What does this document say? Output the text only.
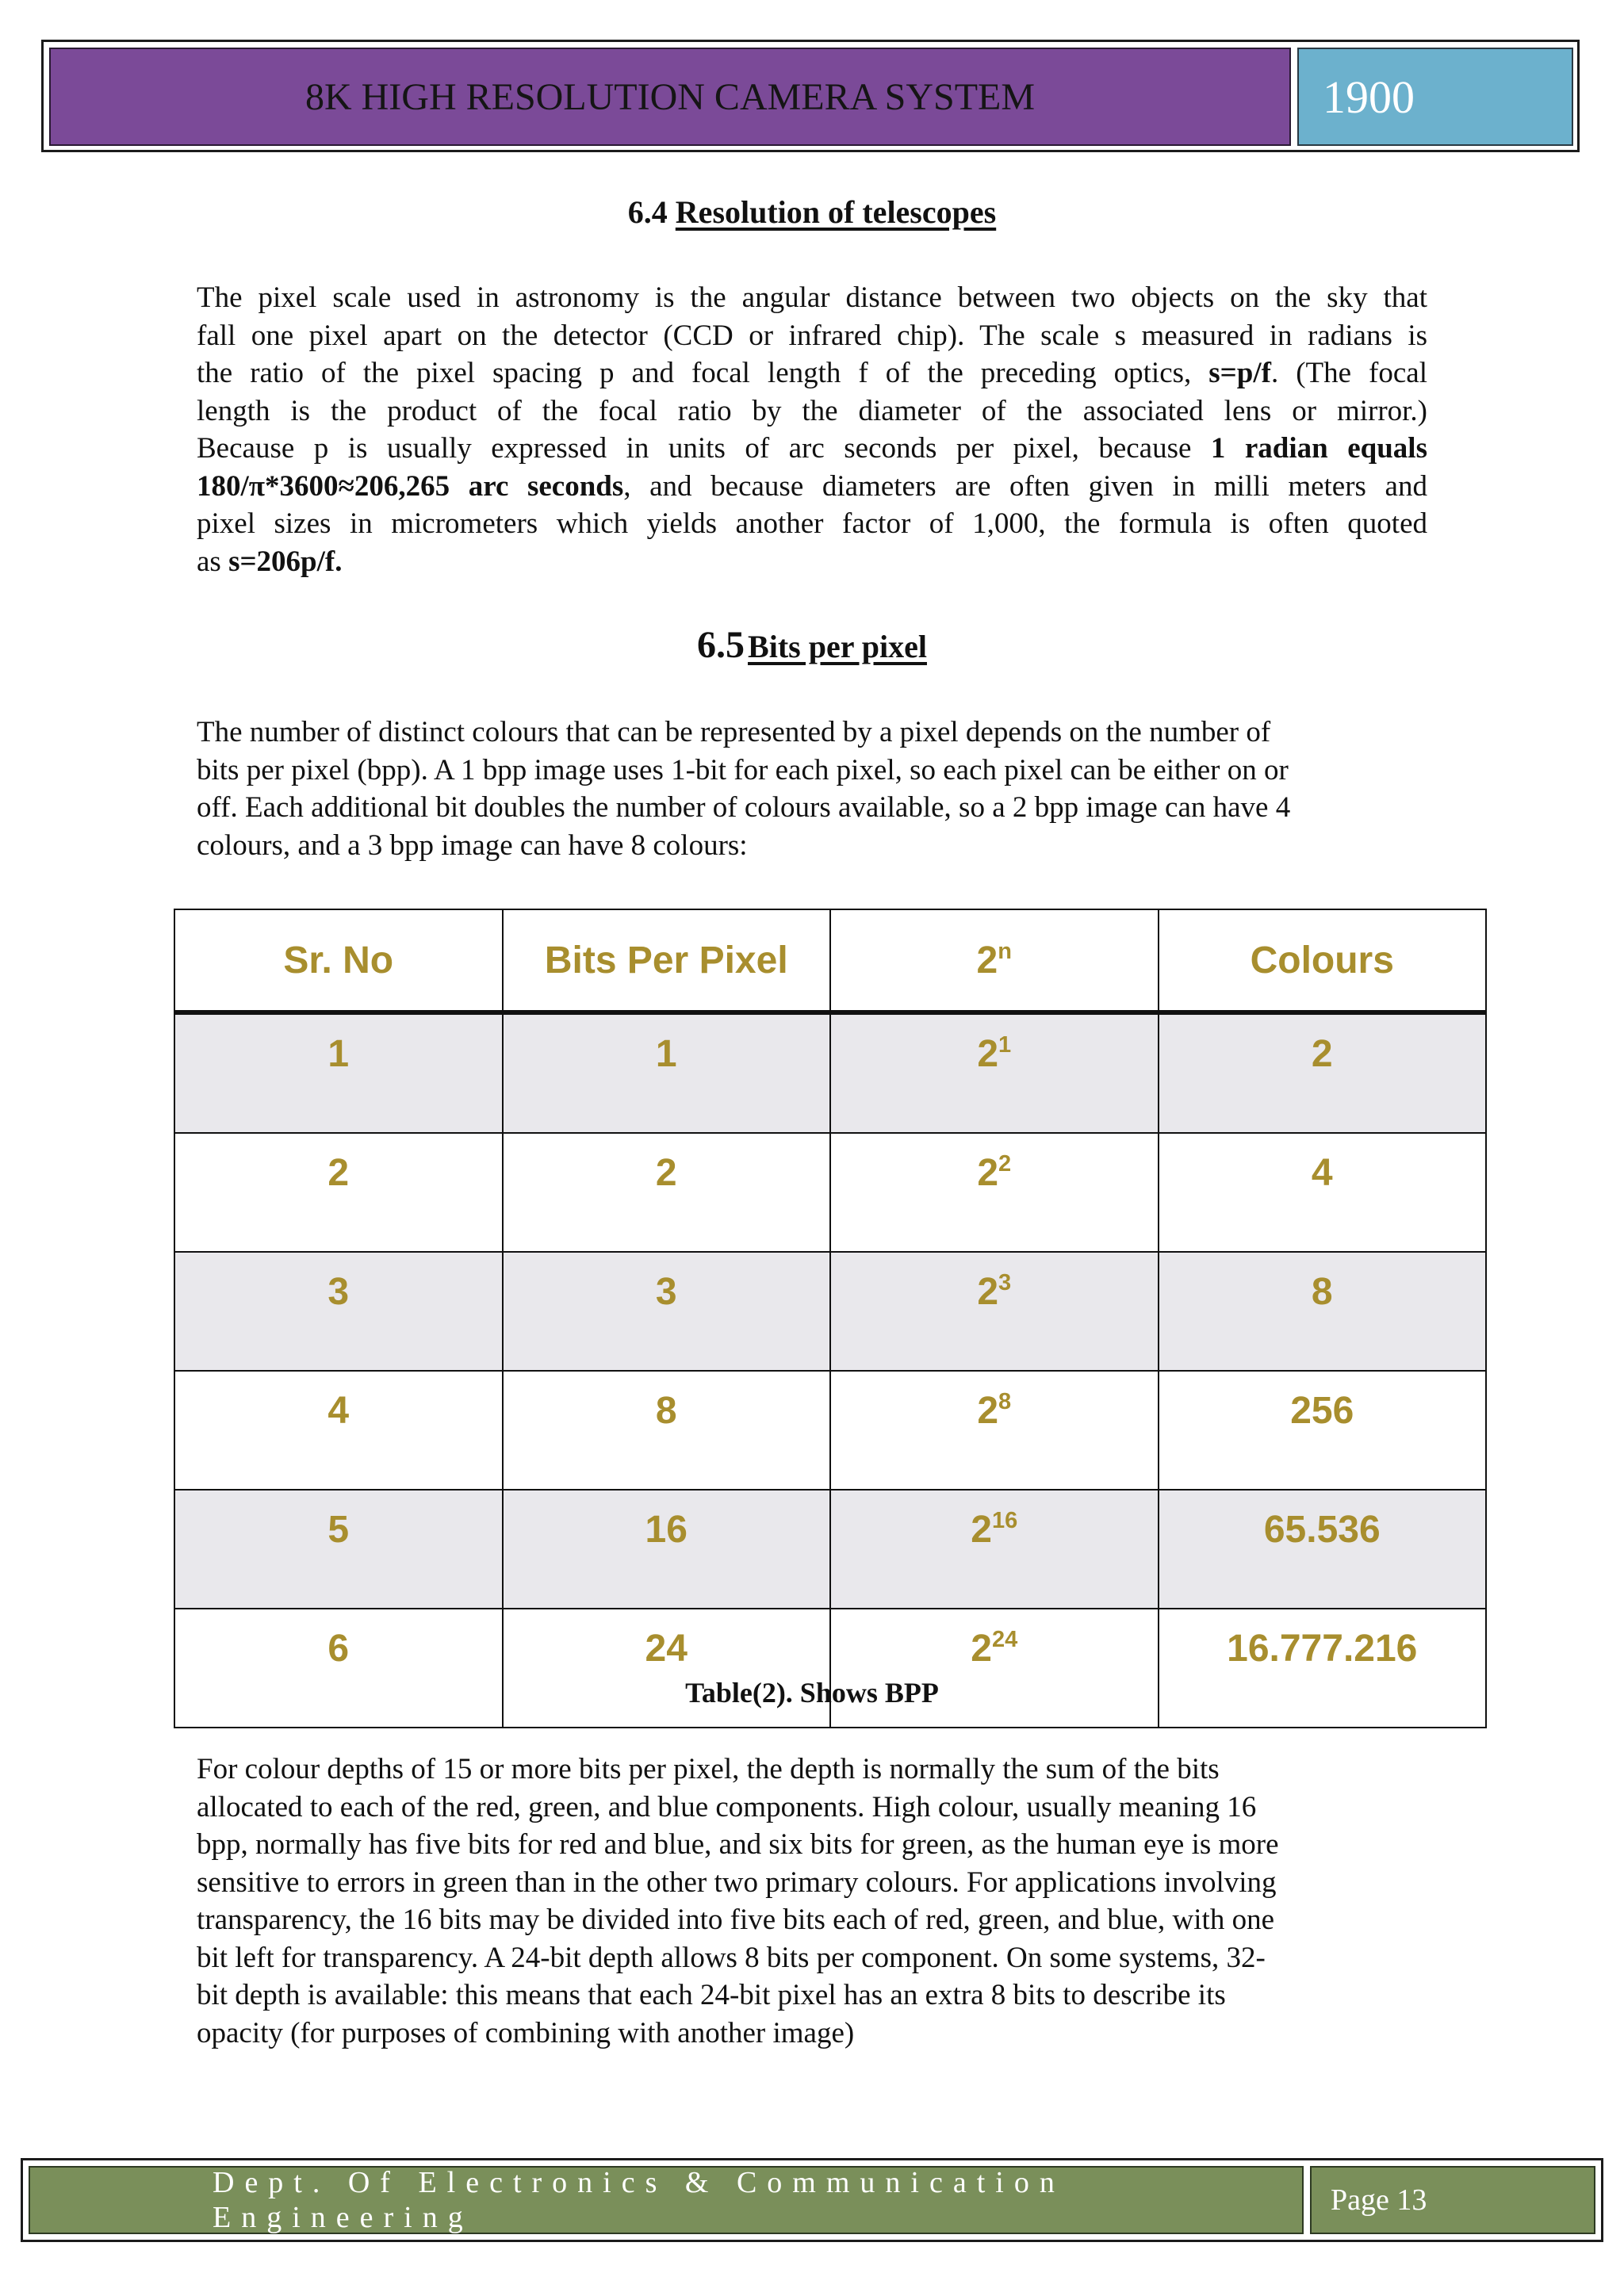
8K HIGH RESOLUTION CAMERA SYSTEM	1900
6.4 Resolution of telescopes
The pixel scale used in astronomy is the angular distance between two objects on the sky that
fall one pixel apart on the detector (CCD or infrared chip). The scale s measured in radians is
the ratio of the pixel spacing p and focal length f of the preceding optics, s=p/f. (The focal
length is the product of the focal ratio by the diameter of the associated lens or mirror.)
Because p is usually expressed in units of arc seconds per pixel, because 1 radian equals
180/π*3600≈206,265 arc seconds, and because diameters are often given in milli meters and
pixel sizes in micrometers which yields another factor of 1,000, the formula is often quoted
as s=206p/f.
6.5 Bits per pixel
The number of distinct colours that can be represented by a pixel depends on the number of
bits per pixel (bpp). A 1 bpp image uses 1-bit for each pixel, so each pixel can be either on or
off. Each additional bit doubles the number of colours available, so a 2 bpp image can have 4
colours, and a 3 bpp image can have 8 colours:
Sr. No	Bits Per Pixel	2$^n$	Colours
1	1	$2^1$	2
2	2	$2^2$	4
3	3	$2^3$	8
4	8	$2^8$	256
5	16	$2^{16}$	65.536
6	24	$2^{24}$	16.777.216
Table(2). Shows BPP
For colour depths of 15 or more bits per pixel, the depth is normally the sum of the bits
allocated to each of the red, green, and blue components. High colour, usually meaning 16
bpp, normally has five bits for red and blue, and six bits for green, as the human eye is more
sensitive to errors in green than in the other two primary colours. For applications involving
transparency, the 16 bits may be divided into five bits each of red, green, and blue, with one
bit left for transparency. A 24-bit depth allows 8 bits per component. On some systems, 32-
bit depth is available: this means that each 24-bit pixel has an extra 8 bits to describe its
opacity (for purposes of combining with another image)
Dept. Of Electronics & Communication Engineering
Page 13
